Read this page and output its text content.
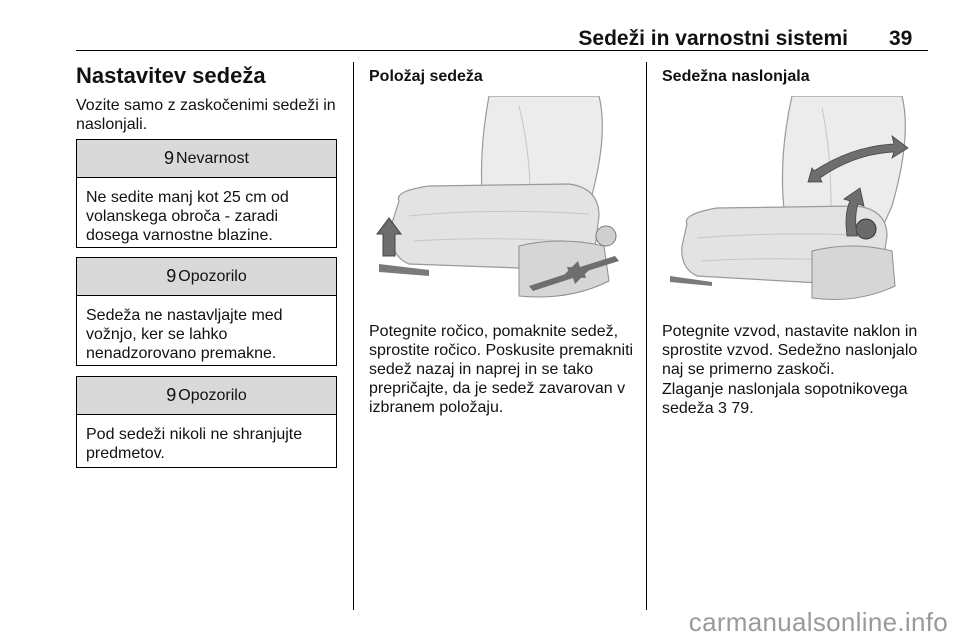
Sedeži in varnostni sistemi 39
Nastavitev sedeža
Vozite samo z zaskočenimi sedeži in naslonjali.
9 Nevarnost
Ne sedite manj kot 25 cm od volanskega obroča - zaradi dosega varnostne blazine.
9 Opozorilo
Sedeža ne nastavljajte med vožnjo, ker se lahko nenadzorovano premakne.
9 Opozorilo
Pod sedeži nikoli ne shranjujte predmetov.
Položaj sedeža
Potegnite ročico, pomaknite sedež, sprostite ročico. Poskusite premakniti sedež nazaj in naprej in se tako prepričajte, da je sedež zavarovan v izbranem položaju.
Sedežna naslonjala
Potegnite vzvod, nastavite naklon in sprostite vzvod. Sedežno naslonjalo naj se primerno zaskoči.
Zlaganje naslonjala sopotnikovega sedeža 3 79.
carmanualsonline.info
